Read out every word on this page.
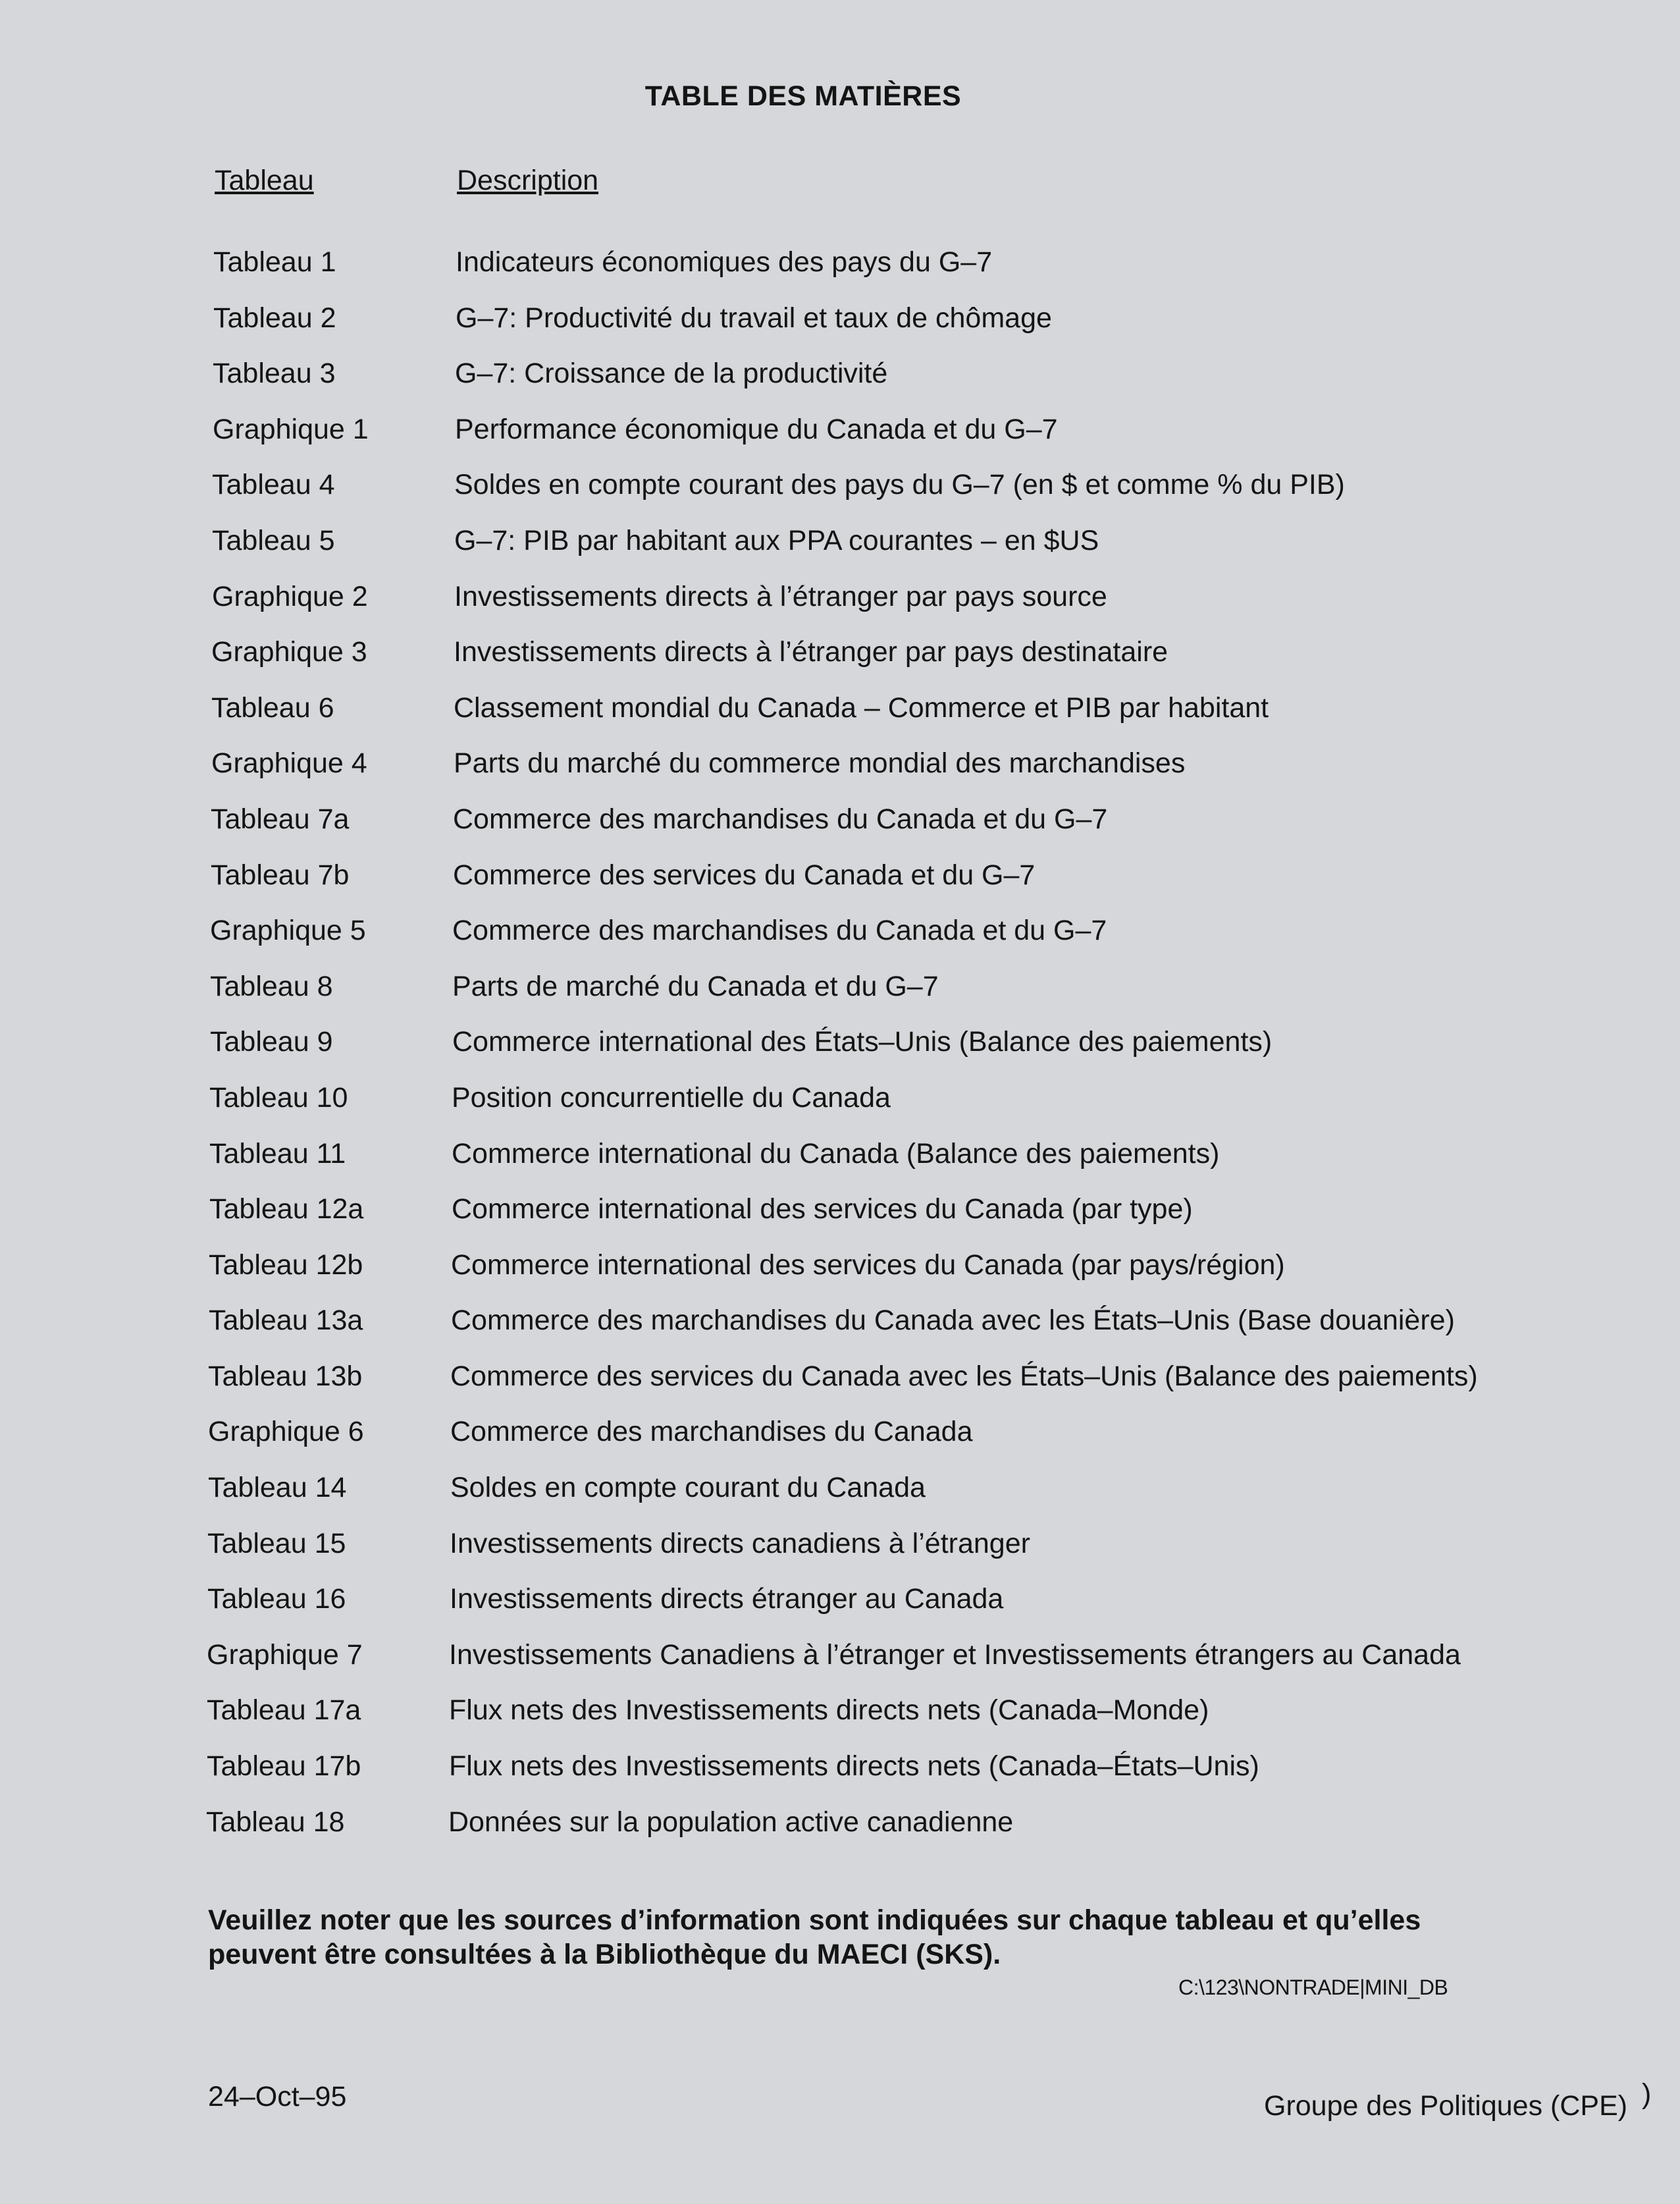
TABLE DES MATIÈRES
Tableau	Description
Tableau 1	Indicateurs économiques des pays du G–7
Tableau 2	G–7: Productivité du travail et taux de chômage
Tableau 3	G–7: Croissance de la productivité
Graphique 1	Performance économique du Canada et du G–7
Tableau 4	Soldes en compte courant des pays du G–7 (en $ et comme % du PIB)
Tableau 5	G–7: PIB par habitant aux PPA courantes – en $US
Graphique 2	Investissements directs à l’étranger par pays source
Graphique 3	Investissements directs à l’étranger par pays destinataire
Tableau 6	Classement mondial du Canada – Commerce et PIB par habitant
Graphique 4	Parts du marché du commerce mondial des marchandises
Tableau 7a	Commerce des marchandises du Canada et du G–7
Tableau 7b	Commerce des services du Canada et du G–7
Graphique 5	Commerce des marchandises du Canada et du G–7
Tableau 8	Parts de marché du Canada et du G–7
Tableau 9	Commerce international des États–Unis (Balance des paiements)
Tableau 10	Position concurrentielle du Canada
Tableau 11	Commerce international du Canada (Balance des paiements)
Tableau 12a	Commerce international des services du Canada (par type)
Tableau 12b	Commerce international des services du Canada (par pays/région)
Tableau 13a	Commerce des marchandises du Canada avec les États–Unis (Base douanière)
Tableau 13b	Commerce des services du Canada avec les États–Unis (Balance des paiements)
Graphique 6	Commerce des marchandises du Canada
Tableau 14	Soldes en compte courant du Canada
Tableau 15	Investissements directs canadiens à l’étranger
Tableau 16	Investissements directs étranger au Canada
Graphique 7	Investissements Canadiens à l’étranger et Investissements étrangers au Canada
Tableau 17a	Flux nets des Investissements directs nets (Canada–Monde)
Tableau 17b	Flux nets des Investissements directs nets (Canada–États–Unis)
Tableau 18	Données sur la population active canadienne
Veuillez noter que les sources d’information sont indiquées sur chaque tableau et qu’elles peuvent être consultées à la Bibliothèque du MAECI (SKS).
C:\123\NONTRADE|MINI_DB
24–Oct–95	Groupe des Politiques (CPE) )
